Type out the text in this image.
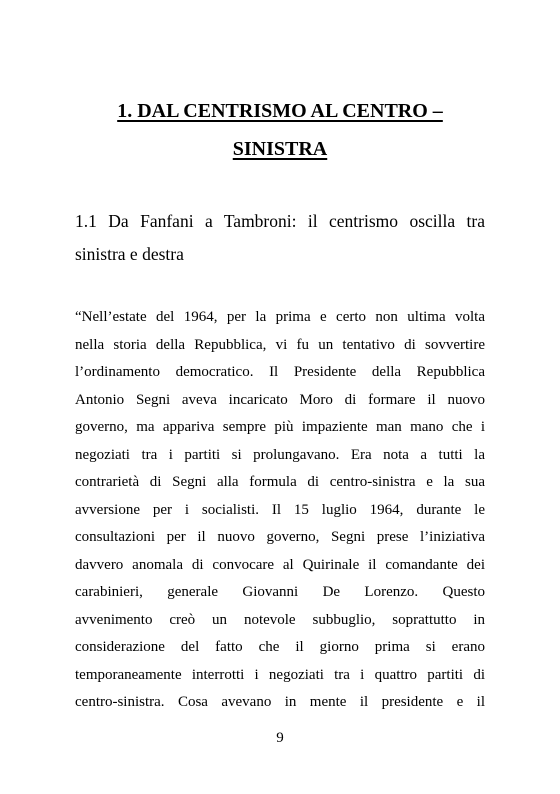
1. DAL CENTRISMO AL CENTRO –
SINISTRA
1.1 Da Fanfani a Tambroni: il centrismo oscilla tra
sinistra e destra
“Nell’estate del 1964, per la prima e certo non ultima volta
nella storia della Repubblica, vi fu un tentativo di sovvertire
l’ordinamento democratico. Il Presidente della Repubblica
Antonio Segni aveva incaricato Moro di formare il nuovo
governo, ma appariva sempre più impaziente man mano che i
negoziati tra i partiti si prolungavano. Era nota a tutti la
contrarietà di Segni alla formula di centro-sinistra e la sua
avversione per i socialisti. Il 15 luglio 1964, durante le
consultazioni per il nuovo governo, Segni prese l’iniziativa
davvero anomala di convocare al Quirinale il comandante dei
carabinieri, generale Giovanni De Lorenzo. Questo
avvenimento creò un notevole subbuglio, soprattutto in
considerazione del fatto che il giorno prima si erano
temporaneamente interrotti i negoziati tra i quattro partiti di
centro-sinistra. Cosa avevano in mente il presidente e il
9
